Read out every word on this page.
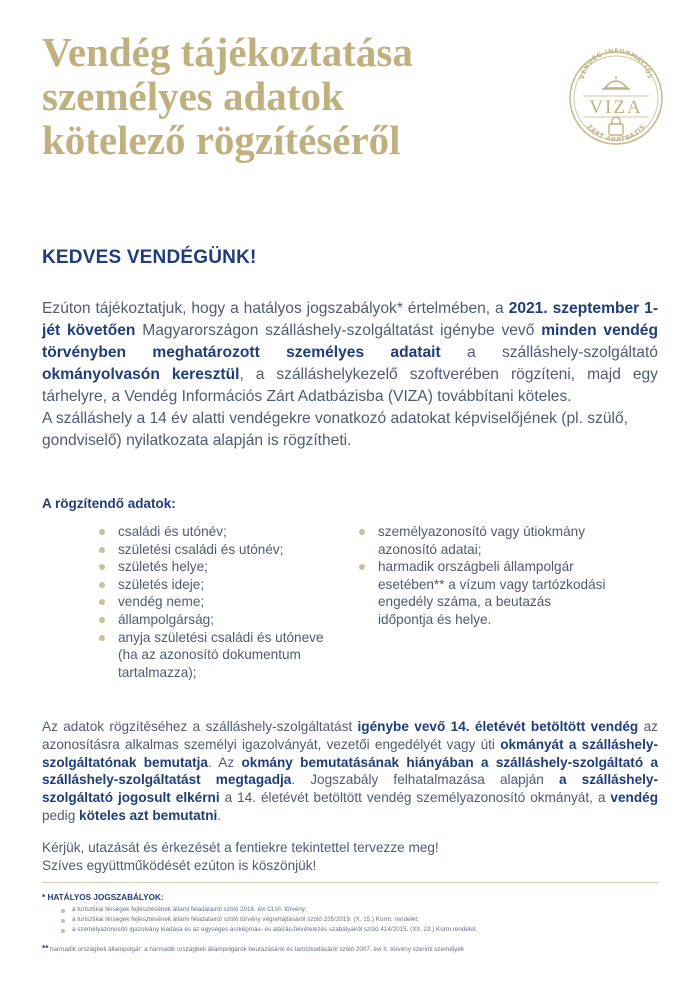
Vendég tájékoztatása
személyes adatok
kötelező rögzítéséről
VENDÉG INFORMÁCIÓS
VIZA
ZÁRT ADATBÁZIS
KEDVES VENDÉGÜNK!

Ezúton tájékoztatjuk, hogy a hatályos jogszabályok* értelmében, a 2021. szeptember 1-jét követően Magyarországon szálláshely-szolgáltatást igénybe vevő minden vendég törvényben meghatározott személyes adatait a szálláshely-szolgáltató okmányolvasón keresztül, a szálláshelykezelő szoftverében rögzíteni, majd egy tárhelyre, a Vendég Információs Zárt Adatbázisba (VIZA) továbbítani köteles.

A szálláshely a 14 év alatti vendégekre vonatkozó adatokat képviselőjének (pl. szülő, gondviselő) nyilatkozata alapján is rögzítheti.

A rögzítendő adatok:
családi és utónév;
születési családi és utónév;
születés helye;
születés ideje;
vendég neme;
állampolgárság;
anyja születési családi és utóneve (ha az azonosító dokumentum tartalmazza);
személyazonosító vagy útiokmány azonosító adatai;
harmadik országbeli állampolgár esetében** a vízum vagy tartózkodási engedély száma, a beutazás időpontja és helye.
Az adatok rögzítéséhez a szálláshely-szolgáltatást igénybe vevő 14. életévét betöltött vendég az azonosításra alkalmas személyi igazolványát, vezetői engedélyét vagy úti okmányát a szálláshely-szolgáltatónak bemutatja. Az okmány bemutatásának hiányában a szálláshely-szolgáltató a szálláshely-szolgáltatást megtagadja. Jogszabály felhatalmazása alapján a szálláshely-szolgáltató jogosult elkérni a 14. életévét betöltött vendég személyazonosító okmányát, a vendég pedig köteles azt bemutatni.
Kérjük, utazását és érkezését a fentiekre tekintettel tervezze meg!
Szíves együttműködését ezúton is köszönjük!
* HATÁLYOS JOGSZABÁLYOK:
a turisztikai térségek fejlesztésének állami feladatairól szóló 2016. évi CLVI. törvény;
a turisztikai térségek fejlesztésének állami feladatairól szóló törvény végrehajtásáról szóló 235/2019. (X. 15.) Korm. rendelet;
a személyazonosító igazolvány kiadása és az egységes arcképmás- és aláírás-felvételezés szabályairól szóló 414/2015. (XII. 23.) Korm.rendelet.
** harmadik országbeli állampolgár: a harmadik országbeli állampolgárok beutazásáról és tartózkodásáról szóló 2007. évi II. törvény szerinti személyek
